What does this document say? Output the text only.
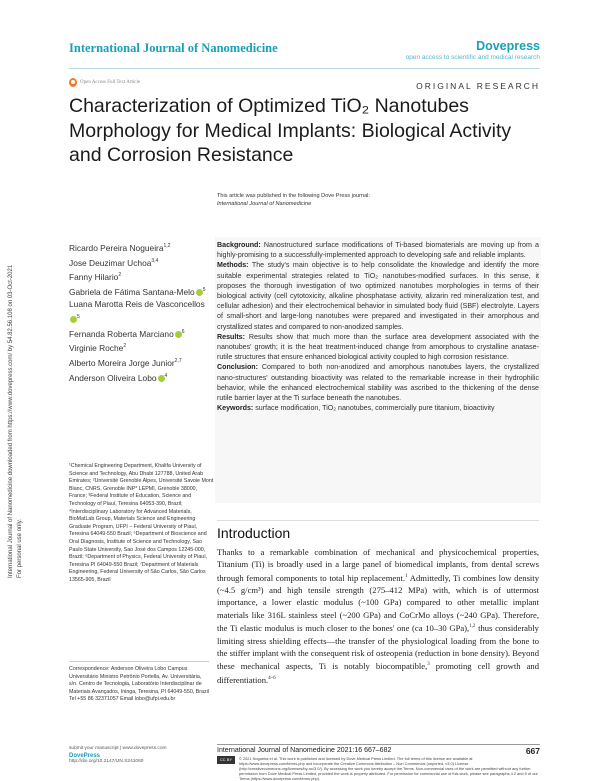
International Journal of Nanomedicine	Dovepress
open access to scientific and medical research
Open Access Full Text Article	ORIGINAL RESEARCH
Characterization of Optimized TiO₂ Nanotubes Morphology for Medical Implants: Biological Activity and Corrosion Resistance
This article was published in the following Dove Press journal:
International Journal of Nanomedicine
International Journal of Nanomedicine downloaded from https://www.dovepress.com/ by 54.82.56.108 on 03-Oct-2021 For personal use only.
Ricardo Pereira Nogueira$^{1,2}$
Jose Deuzimar Uchoa$^{3,4}$
Fanny Hilario$^2$
Gabriela de Fátima Santana-Melo $^5$
Luana Marotta Reis de Vasconcellos$^5$
Fernanda Roberta Marciano $^6$
Virginie Roche$^2$
Alberto Moreira Jorge Junior$^{2,7}$
Anderson Oliveira Lobo $^4$
¹Chemical Engineering Department, Khalifa University of Science and Technology, Abu Dhabi 127788, United Arab Emirates; ²Université Grenoble Alpes, Université Savoie Mont Blanc, CNRS, Grenoble INP* LEPMI, Grenoble 38000, France; ³Federal Institute of Education, Science and Technology of Piauí, Teresina 64053-390, Brazil; ⁴Interdisciplinary Laboratory for Advanced Materials, BioMatLab Group, Materials Science and Engineering Graduate Program, UFPI – Federal University of Piauí, Teresina 64049-550 Brazil; ⁵Department of Bioscience and Oral Diagnosis, Institute of Science and Technology, Sao Paulo State University, Sao José dos Campos 12245-000, Brazil; ⁶Department of Physics, Federal University of Piauí, Teresina PI 64049-550 Brazil; ⁷Department of Materials Engineering, Federal University of São Carlos, São Carlos 13565-905, Brazil
Correspondence: Anderson Oliveira Lobo Campus Universitário Ministro Petrônio Portella, Av. Universitária, s/n. Centro de Tecnologia, Laboratório Interdisciplinar de Materiais Avançados, Ininga, Teresina, PI 64049-550, Brazil Tel +55 86 32371057 Email lobo@ufpi.edu.br

Background: Nanostructured surface modifications of Ti-based biomaterials are moving up from a highly-promising to a successfully-implemented approach to developing safe and reliable implants.

Methods: The study's main objective is to help consolidate the knowledge and identify the more suitable experimental strategies related to TiO₂ nanotubes-modified surfaces. In this sense, it proposes the thorough investigation of two optimized nanotubes morphologies in terms of their biological activity (cell cytotoxicity, alkaline phosphatase activity, alizarin red mineralization test, and cellular adhesion) and their electrochemical behavior in simulated body fluid (SBF) electrolyte. Layers of small-short and large-long nanotubes were prepared and investigated in their amorphous and crystallized states and compared to non-anodized samples.

Results: Results show that much more than the surface area development associated with the nanotubes' growth; it is the heat treatment-induced change from amorphous to crystalline anatase-rutile structures that ensure enhanced biological activity coupled to high corrosion resistance.

Conclusion: Compared to both non-anodized and amorphous nanotubes layers, the crystallized nano-structures' outstanding bioactivity was related to the remarkable increase in their hydrophilic behavior, while the enhanced electrochemical stability was ascribed to the thickening of the dense rutile barrier layer at the Ti surface beneath the nanotubes.

Keywords: surface modification, TiO₂ nanotubes, commercially pure titanium, bioactivity

Introduction
Thanks to a remarkable combination of mechanical and physicochemical properties, Titanium (Ti) is broadly used in a large panel of biomedical implants, from dental screws through femoral components to total hip replacement.$^1$ Admittedly, Ti combines low density (~4.5 g/cm³) and high tensile strength (275–412 MPa) with, which is of uttermost importance, a lower elastic modulus (~100 GPa) compared to other metallic implant materials like 316L stainless steel (~200 GPa) and CoCrMo alloys (~240 GPa). Therefore, the Ti elastic modulus is much closer to the bones' one (ca 10–30 GPa),$^{1,2}$ thus considerably limiting stress shielding effects—the transfer of the physiological loading from the bone to the stiffer implant with the consequent risk of osteopenia (reduction in bone density). Beyond these mechanical aspects, Ti is notably biocompatible,$^3$ promoting cell growth and differentiation.$^{4-6}$
submit your manuscript | www.dovepress.com
DovePress
http://doi.org/10.2147/IJN.S241060
International Journal of Nanomedicine 2021:16 667–682	667
CC BY NC
© 2021 Nogueira et al. This work is published and licensed by Dove Medical Press Limited. The full terms of this license are available at https://www.dovepress.com/terms.php and incorporate the Creative Commons Attribution – Non Commercial (unported, v3.0) License (http://creativecommons.org/licenses/by-nc/3.0/). By accessing the work you hereby accept the Terms. Non-commercial uses of the work are permitted without any further permission from Dove Medical Press Limited, provided the work is properly attributed. For permission for commercial use of this work, please see paragraphs 4.2 and 5 of our Terms (https://www.dovepress.com/terms.php).
